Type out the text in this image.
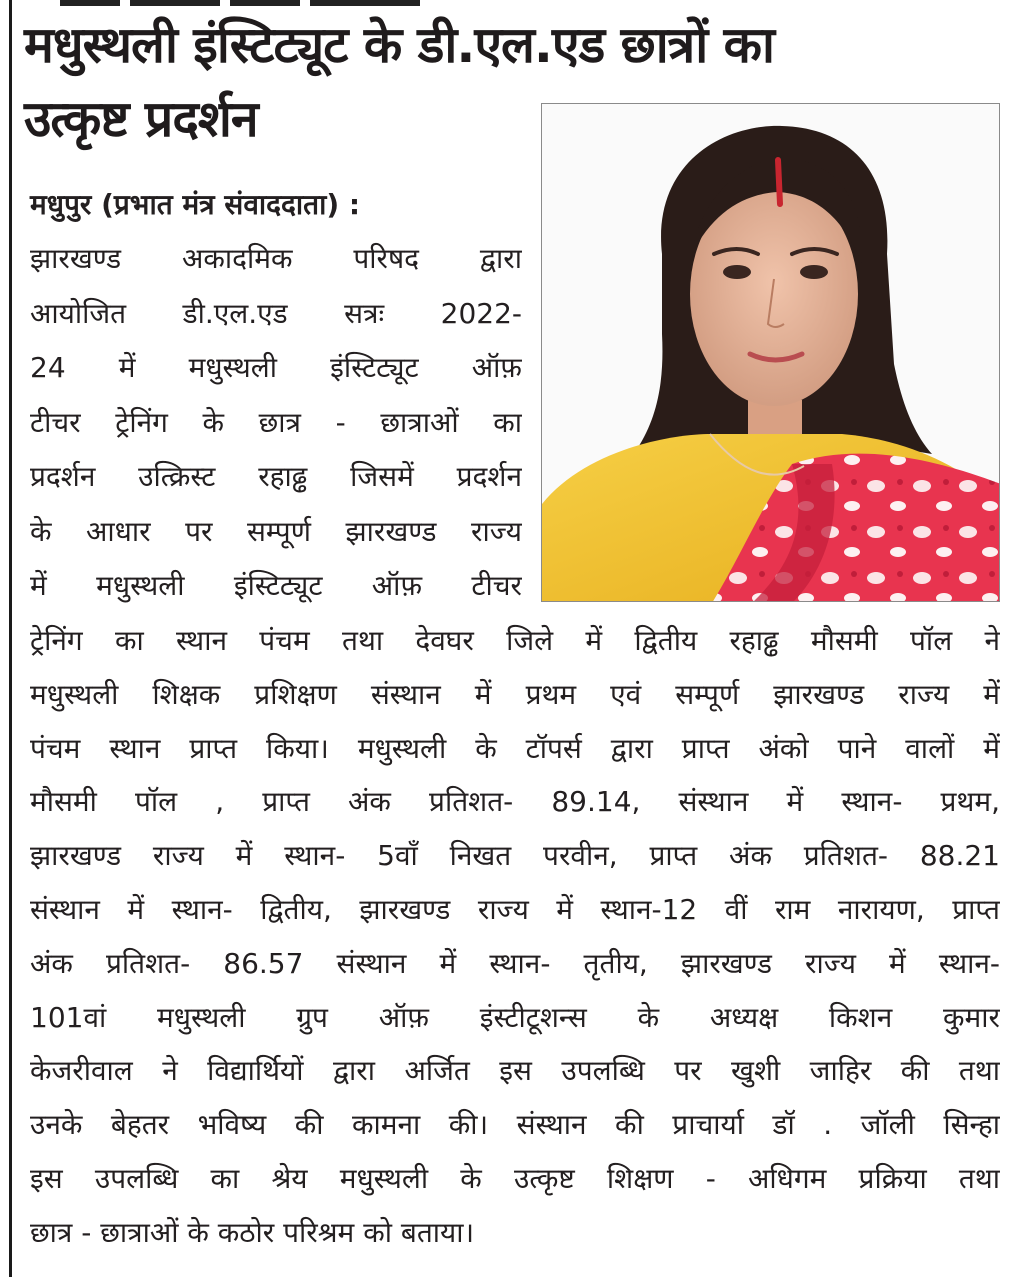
मधुस्थली इंस्टिट्यूट के डी.एल.एड छात्रों का
उत्कृष्ट प्रदर्शन
मधुपुर (प्रभात मंत्र संवाददाता) :
झारखण्ड अकादमिक परिषद द्वारा
आयोजित डी.एल.एड सत्रः 2022-
24 में मधुस्थली इंस्टिट्यूट ऑफ़
टीचर ट्रेनिंग के छात्र - छात्राओं का
प्रदर्शन उत्क्रिस्ट रहाढ्ढ जिसमें प्रदर्शन
के आधार पर सम्पूर्ण झारखण्ड राज्य
में मधुस्थली इंस्टिट्यूट ऑफ़ टीचर
ट्रेनिंग का स्थान पंचम तथा देवघर जिले में द्वितीय रहाढ्ढ मौसमी पॉल ने
मधुस्थली शिक्षक प्रशिक्षण संस्थान में प्रथम एवं सम्पूर्ण झारखण्ड राज्य में
पंचम स्थान प्राप्त किया। मधुस्थली के टॉपर्स द्वारा प्राप्त अंको पाने वालों में
मौसमी पॉल , प्राप्त अंक प्रतिशत- 89.14, संस्थान में स्थान- प्रथम,
झारखण्ड राज्य में स्थान- 5वाँ निखत परवीन, प्राप्त अंक प्रतिशत- 88.21
संस्थान में स्थान- द्वितीय, झारखण्ड राज्य में स्थान-12 वीं राम नारायण, प्राप्त
अंक प्रतिशत- 86.57 संस्थान में स्थान- तृतीय, झारखण्ड राज्य में स्थान-
101वां मधुस्थली ग्रुप ऑफ़ इंस्टीटूशन्स के अध्यक्ष किशन कुमार
केजरीवाल ने विद्यार्थियों द्वारा अर्जित इस उपलब्धि पर खुशी जाहिर की तथा
उनके बेहतर भविष्य की कामना की। संस्थान की प्राचार्या डॉ . जॉली सिन्हा
इस उपलब्धि का श्रेय मधुस्थली के उत्कृष्ट शिक्षण - अधिगम प्रक्रिया तथा
छात्र - छात्राओं के कठोर परिश्रम को बताया।
